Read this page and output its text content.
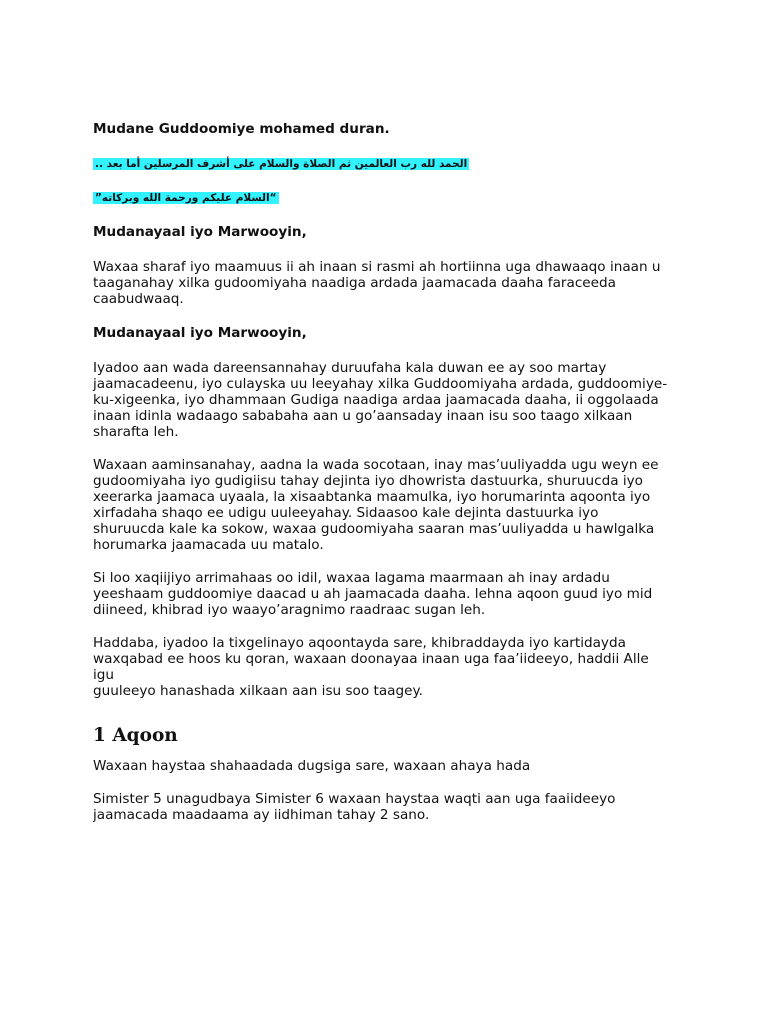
Mudane Guddoomiye mohamed duran.

الحمد لله رب العالمين ثم الصلاة والسلام على أشرف المرسلين أما بعد ..

“السلام عليكم ورحمة الله وبركاته”

Mudanayaal iyo Marwooyin,

Waxaa sharaf iyo maamuus ii ah inaan si rasmi ah hortiinna uga dhawaaqo inaan u
taaganahay xilka gudoomiyaha naadiga ardada jaamacada daaha faraceeda
caabudwaaq.

Mudanayaal iyo Marwooyin,

Iyadoo aan wada dareensannahay duruufaha kala duwan ee ay soo martay
jaamacadeenu, iyo culayska uu leeyahay xilka Guddoomiyaha ardada, guddoomiye-
ku-xigeenka, iyo dhammaan Gudiga naadiga ardaa jaamacada daaha, ii oggolaada
inaan idinla wadaago sababaha aan u go’aansaday inaan isu soo taago xilkaan
sharafta leh.

Waxaan aaminsanahay, aadna la wada socotaan, inay mas’uuliyadda ugu weyn ee
gudoomiyaha iyo gudigiisu tahay dejinta iyo dhowrista dastuurka, shuruucda iyo
xeerarka jaamaca uyaala, la xisaabtanka maamulka, iyo horumarinta aqoonta iyo
xirfadaha shaqo ee udigu uuleeyahay. Sidaasoo kale dejinta dastuurka iyo
shuruucda kale ka sokow, waxaa gudoomiyaha saaran mas’uuliyadda u hawlgalka
horumarka jaamacada uu matalo.

Si loo xaqiijiyo arrimahaas oo idil, waxaa lagama maarmaan ah inay ardadu
yeeshaam guddoomiye daacad u ah jaamacada daaha. lehna aqoon guud iyo mid
diineed, khibrad iyo waayo’aragnimo raadraac sugan leh.

Haddaba, iyadoo la tixgelinayo aqoontayda sare, khibraddayda iyo kartidayda
waxqabad ee hoos ku qoran, waxaan doonayaa inaan uga faa’iideeyo, haddii Alle igu
guuleeyo hanashada xilkaan aan isu soo taagey.

1 Aqoon

Waxaan haystaa shahaadada dugsiga sare, waxaan ahaya hada

Simister 5 unagudbaya Simister 6 waxaan haystaa waqti aan uga faaiideeyo
jaamacada maadaama ay iidhiman tahay 2 sano.
